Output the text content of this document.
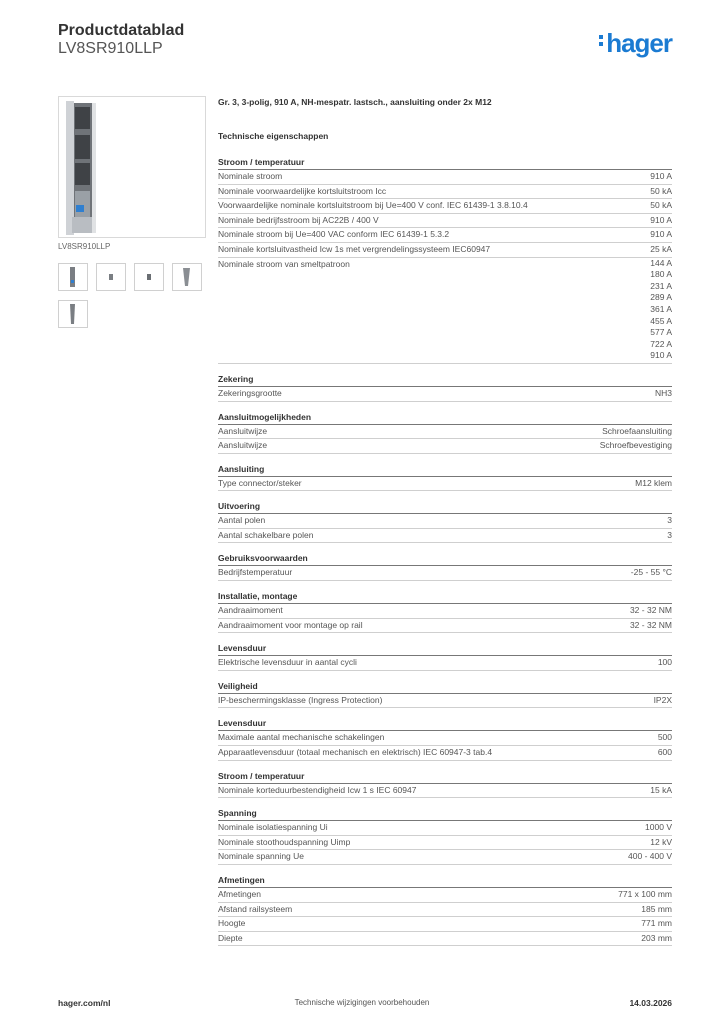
Productdatablad
LV8SR910LLP	hager
LV8SR910LLP
Gr. 3, 3-polig, 910 A, NH-mespatr. lastsch., aansluiting onder 2x M12
Technische eigenschappen
Stroom / temperatuur
Nominale stroom	910 A
Nominale voorwaardelijke kortsluitstroom Icc	50 kA
Voorwaardelijke nominale kortsluitstroom bij Ue=400 V conf. IEC 61439-1 3.8.10.4	50 kA
Nominale bedrijfsstroom bij AC22B / 400 V	910 A
Nominale stroom bij Ue=400 VAC conform IEC 61439-1 5.3.2	910 A
Nominale kortsluitvastheid Icw 1s met vergrendelingssysteem IEC60947	25 kA
Nominale stroom van smeltpatroon	144 A
180 A
231 A
289 A
361 A
455 A
577 A
722 A
910 A
Zekering
Zekeringsgrootte	NH3
Aansluitmogelijkheden
Aansluitwijze	Schroefaansluiting
Aansluitwijze	Schroefbevestiging
Aansluiting
Type connector/steker	M12 klem
Uitvoering
Aantal polen	3
Aantal schakelbare polen	3
Gebruiksvoorwaarden
Bedrijfstemperatuur	-25 - 55 °C
Installatie, montage
Aandraaimoment	32 - 32 NM
Aandraaimoment voor montage op rail	32 - 32 NM
Levensduur
Elektrische levensduur in aantal cycli	100
Veiligheid
IP-beschermingsklasse (Ingress Protection)	IP2X
Levensduur
Maximale aantal mechanische schakelingen	500
Apparaatlevensduur (totaal mechanisch en elektrisch) IEC 60947-3 tab.4	600
Stroom / temperatuur
Nominale korteduurbestendigheid Icw 1 s IEC 60947	15 kA
Spanning
Nominale isolatiespanning Ui	1000 V
Nominale stoothoudspanning Uimp	12 kV
Nominale spanning Ue	400 - 400 V
Afmetingen
Afmetingen	771 x 100 mm
Afstand railsysteem	185 mm
Hoogte	771 mm
Diepte	203 mm
hager.com/nl	Technische wijzigingen voorbehouden	14.03.2026
